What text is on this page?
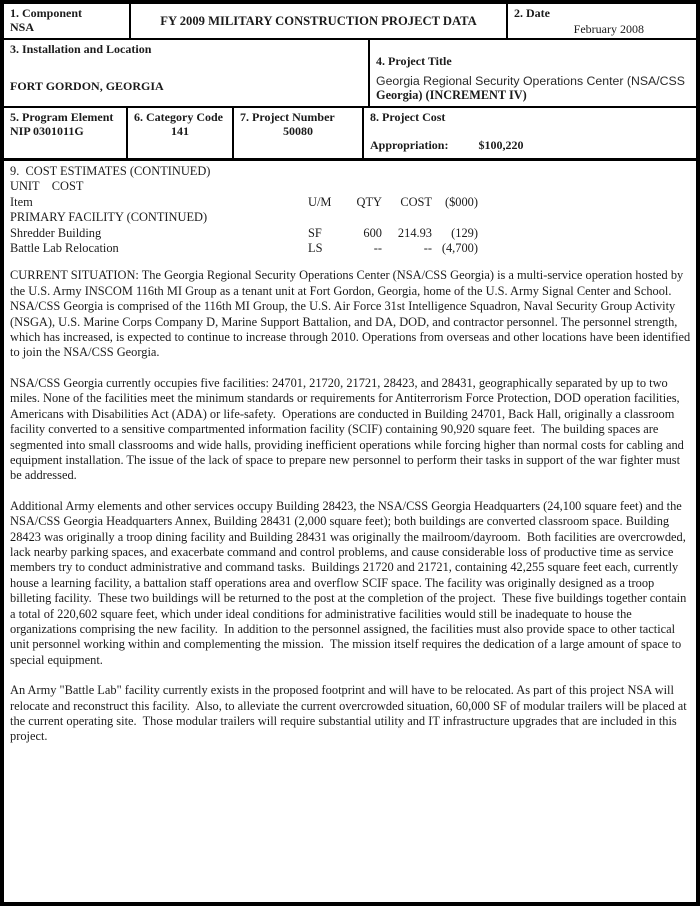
1. Component
NSA	FY 2009 MILITARY CONSTRUCTION PROJECT DATA
2. Date
February 2008
3. Installation and Location
FORT GORDON, GEORGIA
4. Project Title
Georgia Regional Security Operations Center (NSA/CSS
Georgia) (INCREMENT IV)
5. Program Element
NIP 0301011G
6. Category Code
141
7. Project Number
50080
8. Project Cost
Appropriation:	$100,220
9.  COST ESTIMATES (CONTINUED)
UNIT    COST
Item	U/M	QTY	COST	($000)
PRIMARY FACILITY (CONTINUED)
Shredder Building	SF	600	214.93	(129)
Battle Lab Relocation	LS	--	-- (4,700)

CURRENT SITUATION: The Georgia Regional Security Operations Center (NSA/CSS Georgia) is a multi-service operation hosted by the U.S. Army INSCOM 116th MI Group as a tenant unit at Fort Gordon, Georgia, home of the U.S. Army Signal Center and School.  NSA/CSS Georgia is comprised of the 116th MI Group, the U.S. Air Force 31st Intelligence Squadron, Naval Security Group Activity (NSGA), U.S. Marine Corps Company D, Marine Support Battalion, and DA, DOD, and contractor personnel. The personnel strength, which has increased, is expected to continue to increase through 2010. Operations from overseas and other locations have been identified to join the NSA/CSS Georgia.

NSA/CSS Georgia currently occupies five facilities: 24701, 21720, 21721, 28423, and 28431, geographically separated by up to two miles. None of the facilities meet the minimum standards or requirements for Antiterrorism Force Protection, DOD operation facilities, Americans with Disabilities Act (ADA) or life-safety.  Operations are conducted in Building 24701, Back Hall, originally a classroom facility converted to a sensitive compartmented information facility (SCIF) containing 90,920 square feet.  The building spaces are segmented into small classrooms and wide halls, providing inefficient operations while forcing higher than normal costs for cabling and equipment installation. The issue of the lack of space to prepare new personnel to perform their tasks in support of the war fighter must be addressed.

Additional Army elements and other services occupy Building 28423, the NSA/CSS Georgia Headquarters (24,100 square feet) and the NSA/CSS Georgia Headquarters Annex, Building 28431 (2,000 square feet); both buildings are converted classroom space. Building 28423 was originally a troop dining facility and Building 28431 was originally the mailroom/dayroom.  Both facilities are overcrowded, lack nearby parking spaces, and exacerbate command and control problems, and cause considerable loss of productive time as service members try to conduct administrative and command tasks.  Buildings 21720 and 21721, containing 42,255 square feet each, currently house a learning facility, a battalion staff operations area and overflow SCIF space. The facility was originally designed as a troop billeting facility.  These two buildings will be returned to the post at the completion of the project.  These five buildings together contain a total of 220,602 square feet, which under ideal conditions for administrative facilities would still be inadequate to house the organizations comprising the new facility.  In addition to the personnel assigned, the facilities must also provide space to other tactical unit personnel working within and complementing the mission.  The mission itself requires the dedication of a large amount of space to special equipment.

An Army "Battle Lab" facility currently exists in the proposed footprint and will have to be relocated. As part of this project NSA will relocate and reconstruct this facility.  Also, to alleviate the current overcrowded situation, 60,000 SF of modular trailers will be placed at the current operating site.  Those modular trailers will require substantial utility and IT infrastructure upgrades that are included in this project.
